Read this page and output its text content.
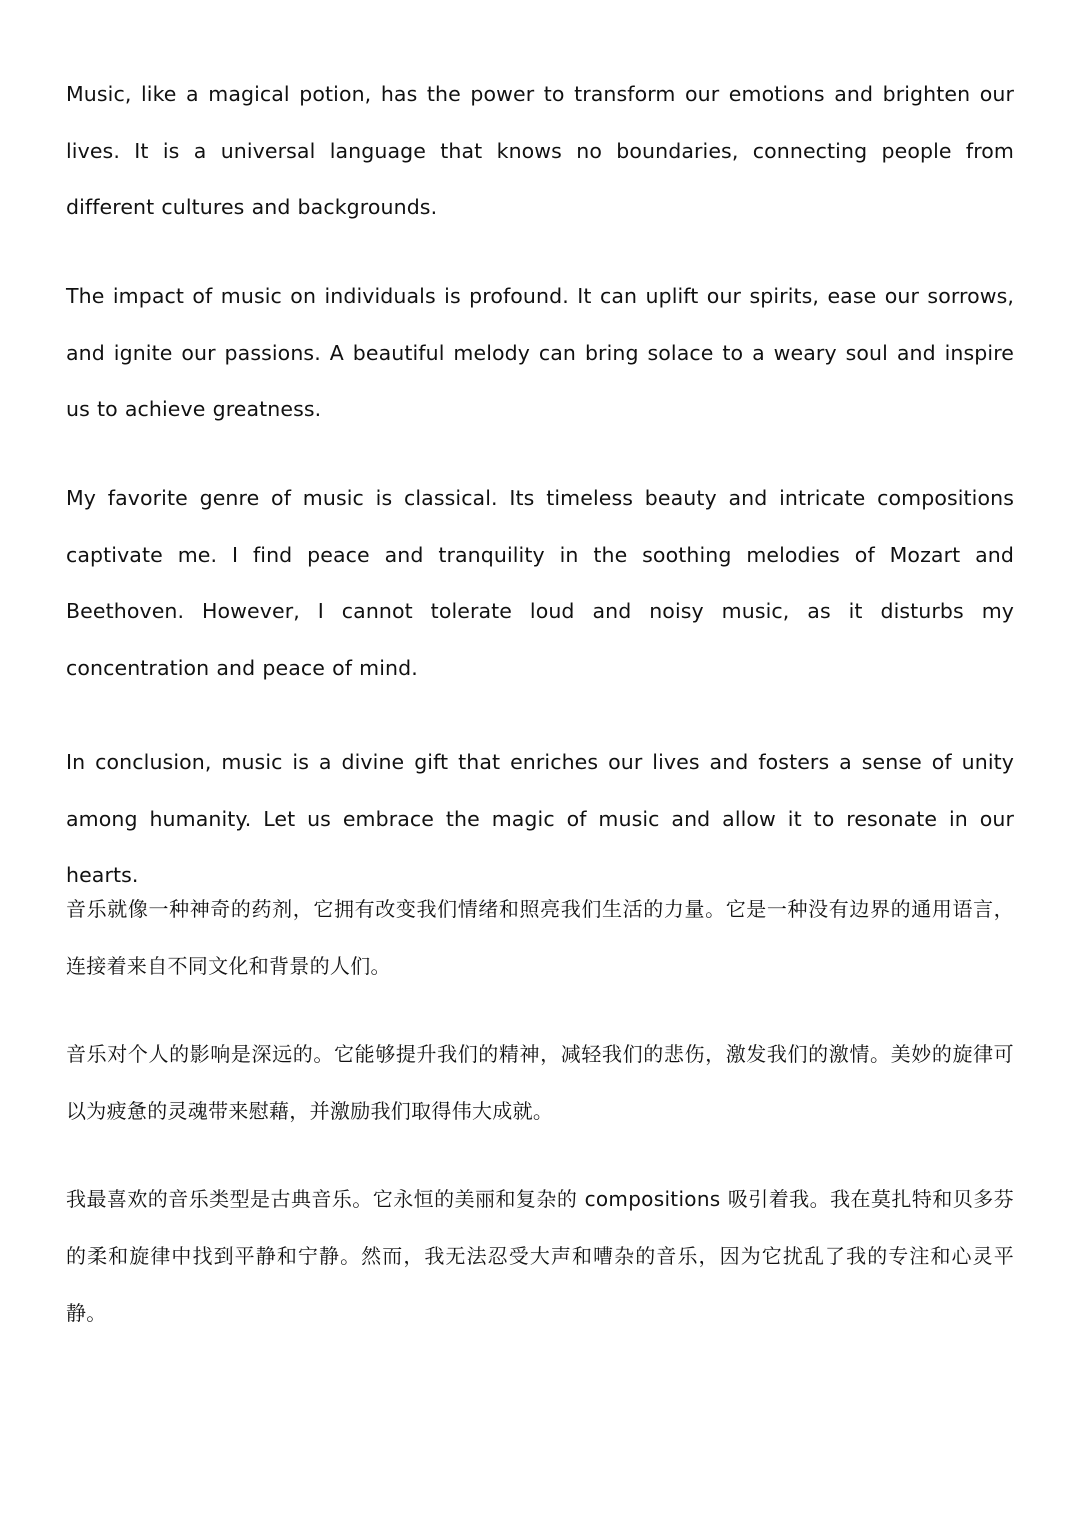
Music, like a magical potion, has the power to transform our emotions and brighten our lives. It is a universal language that knows no boundaries, connecting people from different cultures and backgrounds.

The impact of music on individuals is profound. It can uplift our spirits, ease our sorrows, and ignite our passions. A beautiful melody can bring solace to a weary soul and inspire us to achieve greatness.

My favorite genre of music is classical. Its timeless beauty and intricate compositions captivate me. I find peace and tranquility in the soothing melodies of Mozart and Beethoven. However, I cannot tolerate loud and noisy music, as it disturbs my concentration and peace of mind.

In conclusion, music is a divine gift that enriches our lives and fosters a sense of unity among humanity. Let us embrace the magic of music and allow it to resonate in our hearts.

音乐就像一种神奇的药剂，它拥有改变我们情绪和照亮我们生活的力量。它是一种没有边界的通用语言，连接着来自不同文化和背景的人们。

音乐对个人的影响是深远的。它能够提升我们的精神，减轻我们的悲伤，激发我们的激情。美妙的旋律可以为疲惫的灵魂带来慰藉，并激励我们取得伟大成就。

我最喜欢的音乐类型是古典音乐。它永恒的美丽和复杂的 compositions 吸引着我。我在莫扎特和贝多芬的柔和旋律中找到平静和宁静。然而，我无法忍受大声和嘈杂的音乐，因为它扰乱了我的专注和心灵平静。
